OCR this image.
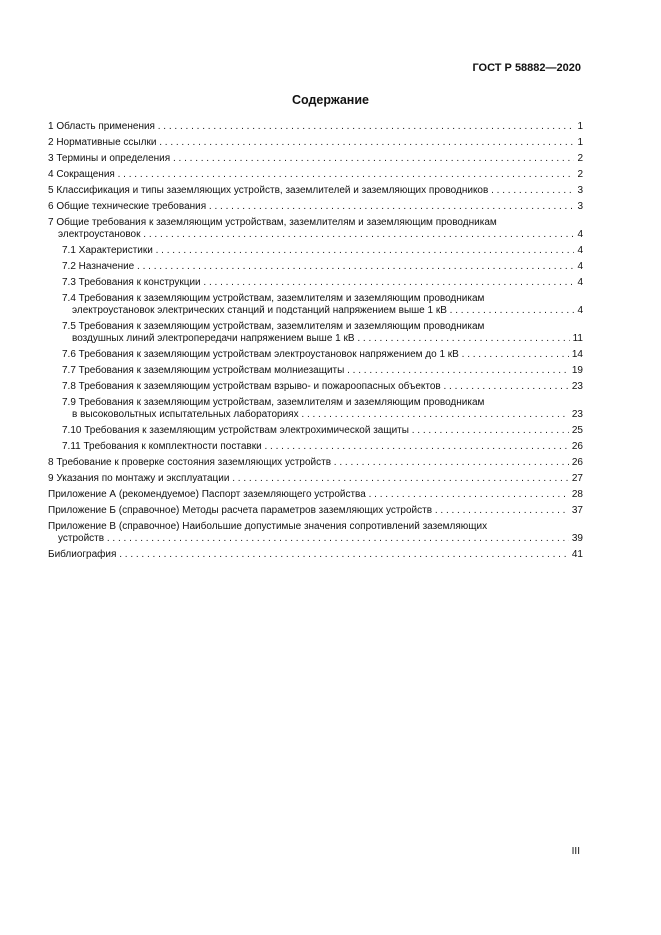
ГОСТ Р 58882—2020
Содержание
1 Область применения . . .	1
2 Нормативные ссылки . . .	1
3 Термины и определения . . .	2
4 Сокращения . . .	2
5 Классификация и типы заземляющих устройств, заземлителей и заземляющих проводников . . .	3
6 Общие технические требования . . .	3
7 Общие требования к заземляющим устройствам, заземлителям и заземляющим проводникам
электроустановок . . .	4
7.1 Характеристики . . .	4
7.2 Назначение . . .	4
7.3 Требования к конструкции . . .	4
7.4 Требования к заземляющим устройствам, заземлителям и заземляющим проводникам
электроустановок электрических станций и подстанций напряжением выше 1 кВ . . .	4
7.5 Требования к заземляющим устройствам, заземлителям и заземляющим проводникам
воздушных линий электропередачи напряжением выше 1 кВ . . .	11
7.6 Требования к заземляющим устройствам электроустановок напряжением до 1 кВ . . .	14
7.7 Требования к заземляющим устройствам молниезащиты . . .	19
7.8 Требования к заземляющим устройствам взрыво- и пожароопасных объектов . . .	23
7.9 Требования к заземляющим устройствам, заземлителям и заземляющим проводникам
в высоковольтных испытательных лабораториях . . .	23
7.10 Требования к заземляющим устройствам электрохимической защиты . . .	25
7.11 Требования к комплектности поставки . . .	26
8 Требование к проверке состояния заземляющих устройств . . .	26
9 Указания по монтажу и эксплуатации . . .	27
Приложение А (рекомендуемое) Паспорт заземляющего устройства . . .	28
Приложение Б (справочное) Методы расчета параметров заземляющих устройств . . .	37
Приложение В (справочное) Наибольшие допустимые значения сопротивлений заземляющих
устройств . . .	39
Библиография . . .	41
III
